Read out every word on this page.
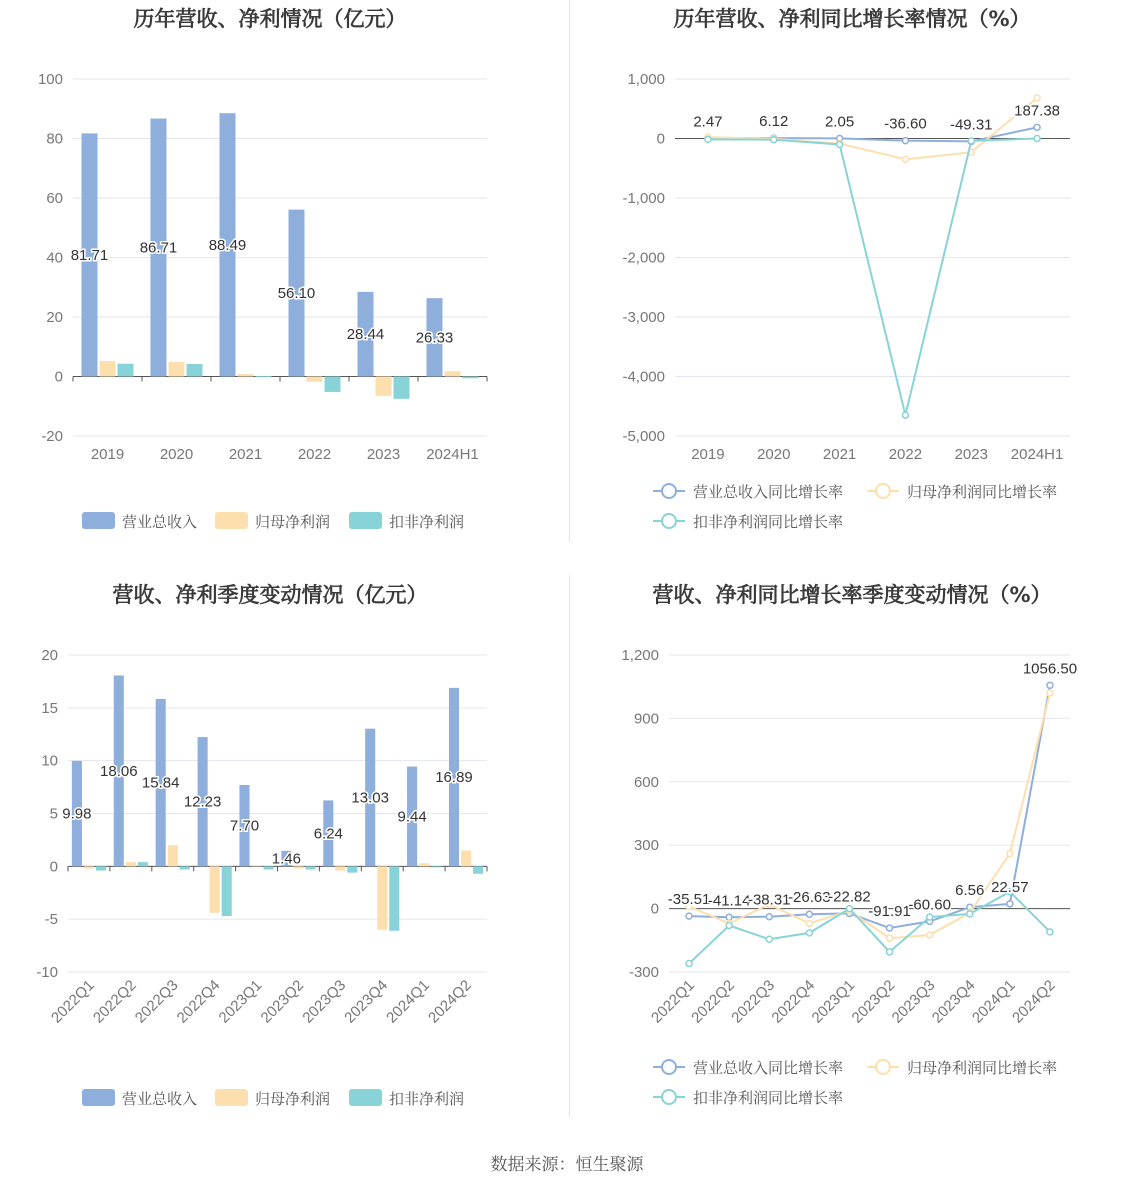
历年营收、净利情况（亿元）
-20
0
20
40
60
80
100
2019 2020 2021 2022 2023 2024H1
81.71 86.71 88.49
56.10
28.44 26.33
营业总收入	归母净利润	扣非净利润
历年营收、净利同比增长率情况（%）
-5,000
-4,000
-3,000
-2,000
-1,000
0
1,000
2019 2020 2021 2022 2023 2024H1
2.47 6.12 2.05 -36.60 -49.31
187.38
营业总收入同比增长率	归母净利润同比增长率
扣非净利润同比增长率
营收、净利季度变动情况（亿元）
-10
-5
0
5
10
15
20
2022Q1
2022Q2
2022Q3
2022Q4
2023Q1
2023Q2
2023Q3
2023Q4
2024Q1
2024Q2
9.98
18.06
15.84
12.23
7.70
1.46
6.24
13.03
9.44
16.89
营业总收入	归母净利润	扣非净利润
营收、净利同比增长率季度变动情况（%）
-300
0
300
600
900
1,200
2022Q1
2022Q2
2022Q3
2022Q4
2023Q1
2023Q2
2023Q3
2023Q4
2024Q1
2024Q2
-35.51
-41.14
-38.31
-26.63
-22.82
-91.91
-60.60
6.56 22.57
1056.50
营业总收入同比增长率	归母净利润同比增长率
扣非净利润同比增长率
数据来源：恒生聚源
